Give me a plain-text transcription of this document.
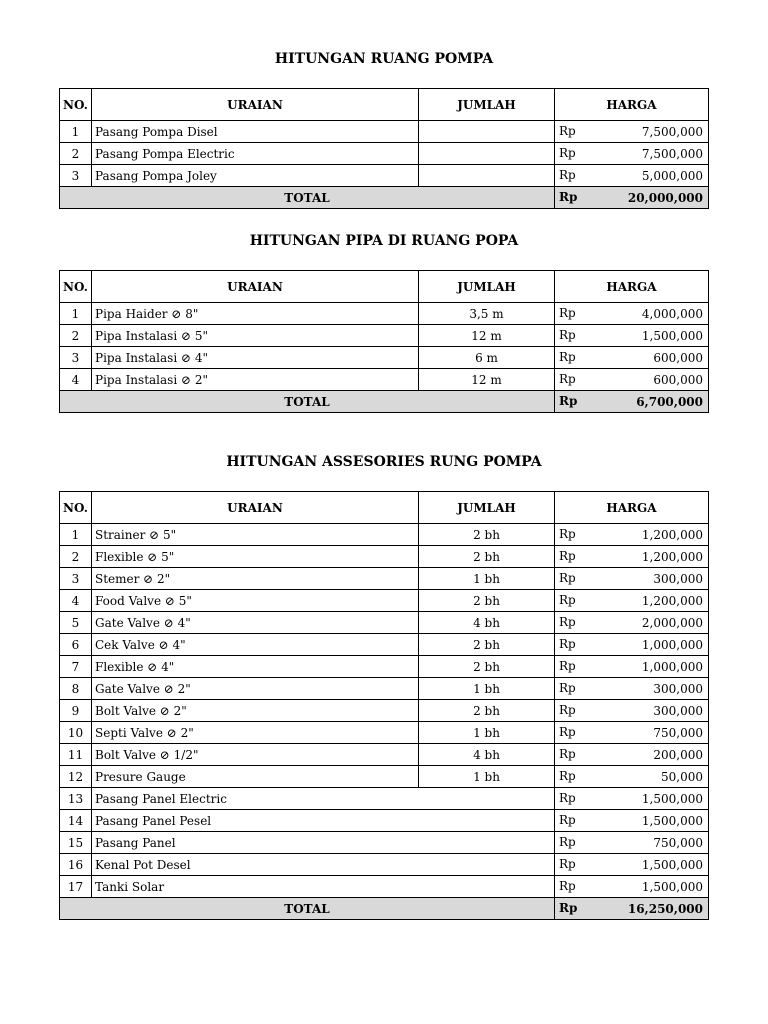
HITUNGAN RUANG POMPA
NO.	URAIAN	JUMLAH	HARGA
1	Pasang Pompa Disel		Rp 7,500,000

2	Pasang Pompa Electric		Rp 7,500,000

3	Pasang Pompa Joley		Rp 5,000,000

TOTAL			Rp 20,000,000
HITUNGAN PIPA DI RUANG POPA
NO.	URAIAN	JUMLAH	HARGA
1	Pipa Haider ⊘ 8"	3,5 m	Rp 4,000,000

2	Pipa Instalasi ⊘ 5"	12 m	Rp 1,500,000

3	Pipa Instalasi ⊘ 4"	6 m	Rp 600,000

4	Pipa Instalasi ⊘ 2"	12 m	Rp 600,000

TOTAL			Rp 6,700,000
HITUNGAN ASSESORIES RUNG POMPA
NO.	URAIAN	JUMLAH	HARGA
1	Strainer ⊘ 5"	2 bh	Rp 1,200,000

2	Flexible ⊘ 5"	2 bh	Rp 1,200,000

3	Stemer ⊘ 2"	1 bh	Rp 300,000

4	Food Valve ⊘ 5"	2 bh	Rp 1,200,000

5	Gate Valve ⊘ 4"	4 bh	Rp 2,000,000

6	Cek Valve ⊘ 4"	2 bh	Rp 1,000,000

7	Flexible ⊘ 4"	2 bh	Rp 1,000,000

8	Gate Valve ⊘ 2"	1 bh	Rp 300,000

9	Bolt Valve ⊘ 2"	2 bh	Rp 300,000

10	Septi Valve ⊘ 2"	1 bh	Rp 750,000

11	Bolt Valve ⊘ 1/2"	4 bh	Rp 200,000

12	Presure Gauge	1 bh	Rp 50,000

13	Pasang Panel Electric		Rp 1,500,000

14	Pasang Panel Pesel		Rp 1,500,000

15	Pasang Panel		Rp 750,000

16	Kenal Pot Desel		Rp 1,500,000

17	Tanki Solar		Rp 1,500,000

TOTAL			Rp 16,250,000
